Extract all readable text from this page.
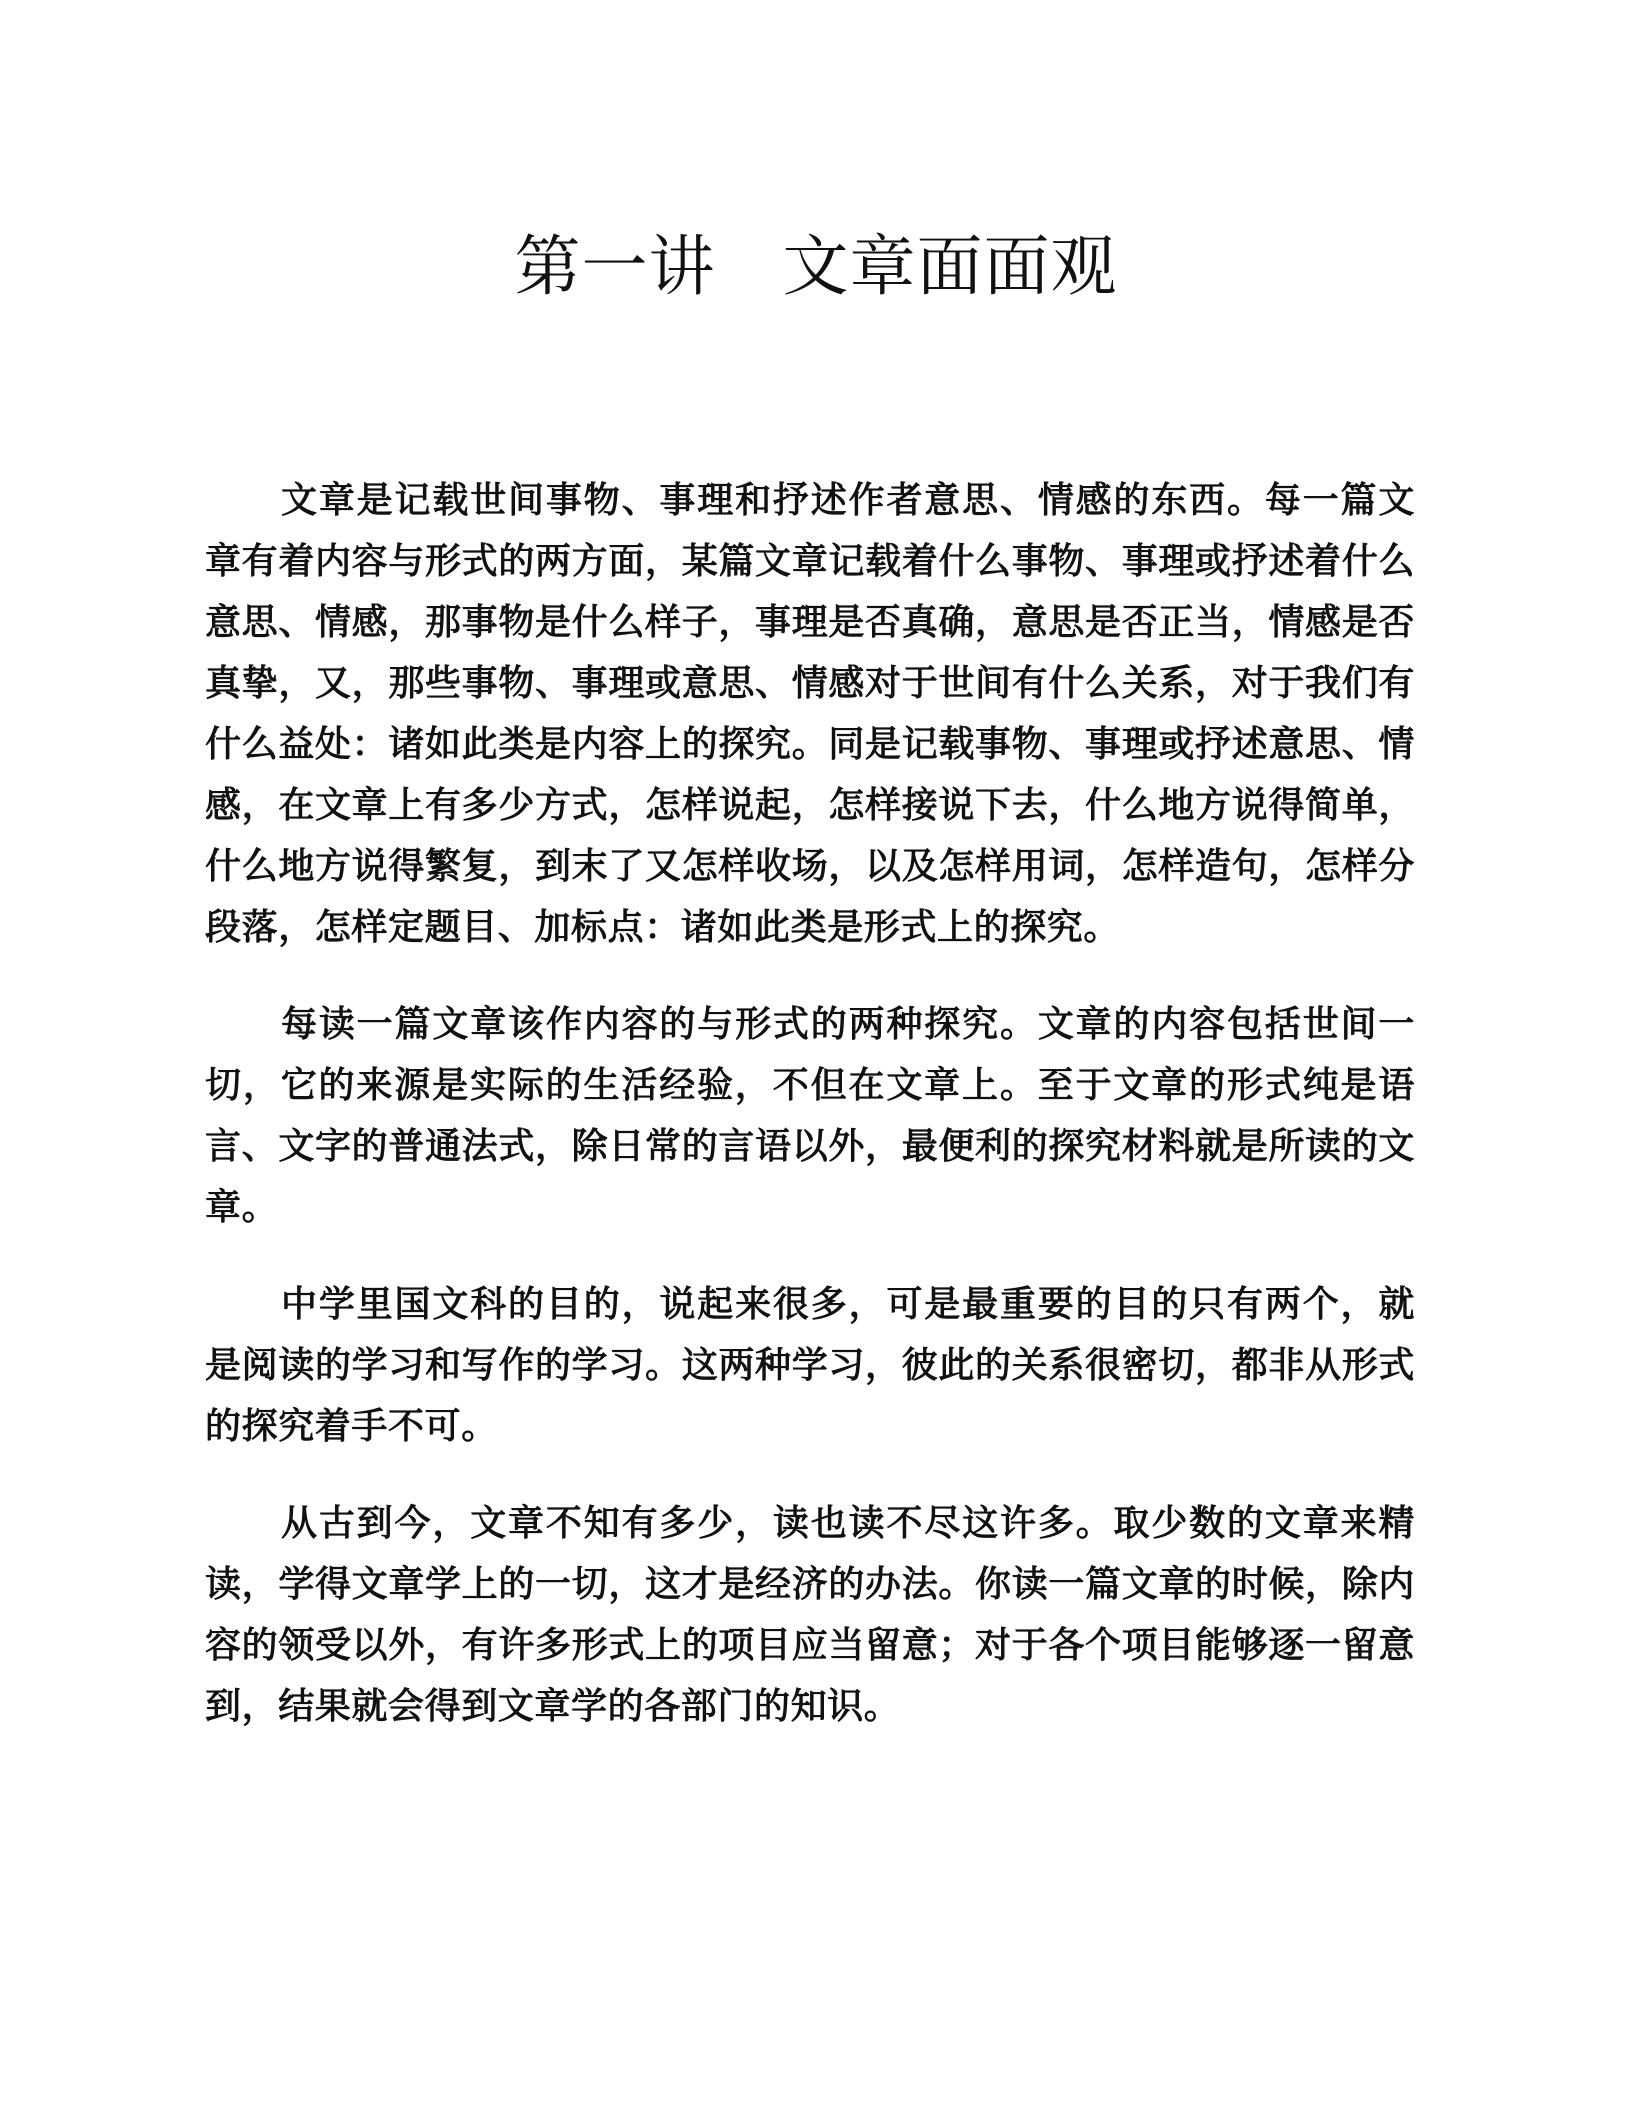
第一讲　文章面面观

文章是记载世间事物、事理和抒述作者意思、情感的东西。每一篇文章有着内容与形式的两方面，某篇文章记载着什么事物、事理或抒述着什么意思、情感，那事物是什么样子，事理是否真确，意思是否正当，情感是否真挚，又，那些事物、事理或意思、情感对于世间有什么关系，对于我们有什么益处：诸如此类是内容上的探究。同是记载事物、事理或抒述意思、情感，在文章上有多少方式，怎样说起，怎样接说下去，什么地方说得简单，什么地方说得繁复，到末了又怎样收场，以及怎样用词，怎样造句，怎样分段落，怎样定题目、加标点：诸如此类是形式上的探究。

每读一篇文章该作内容的与形式的两种探究。文章的内容包括世间一切，它的来源是实际的生活经验，不但在文章上。至于文章的形式纯是语言、文字的普通法式，除日常的言语以外，最便利的探究材料就是所读的文章。

中学里国文科的目的，说起来很多，可是最重要的目的只有两个，就是阅读的学习和写作的学习。这两种学习，彼此的关系很密切，都非从形式的探究着手不可。

从古到今，文章不知有多少，读也读不尽这许多。取少数的文章来精读，学得文章学上的一切，这才是经济的办法。你读一篇文章的时候，除内容的领受以外，有许多形式上的项目应当留意；对于各个项目能够逐一留意到，结果就会得到文章学的各部门的知识。
